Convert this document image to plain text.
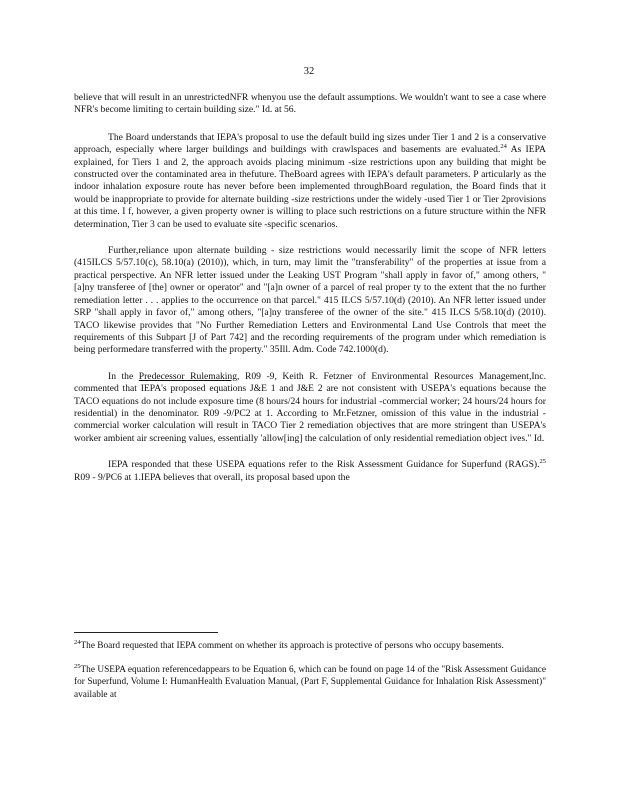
32

believe that will result in an unrestrictedNFR whenyou use the default assumptions. We wouldn't want to see a case where NFR's become limiting to certain building size." Id. at 56.

The Board understands that IEPA's proposal to use the default build ing sizes under Tier 1 and 2 is a conservative approach, especially where larger buildings and buildings with crawlspaces and basements are evaluated.$^{24}$ As IEPA explained, for Tiers 1 and 2, the approach avoids placing minimum -size restrictions upon any building that might be constructed over the contaminated area in thefuture. TheBoard agrees with IEPA's default parameters. P articularly as the indoor inhalation exposure route has never before been implemented throughBoard regulation, the Board finds that it would be inappropriate to provide for alternate building -size restrictions under the widely -used Tier 1 or Tier 2provisions at this time. I f, however, a given property owner is willing to place such restrictions on a future structure within the NFR determination, Tier 3 can be used to evaluate site -specific scenarios.

Further,reliance upon alternate building - size restrictions would necessarily limit the scope of NFR letters (415ILCS 5/57.10(c), 58.10(a) (2010)), which, in turn, may limit the "transferability" of the properties at issue from a practical perspective. An NFR letter issued under the Leaking UST Program "shall apply in favor of," among others, "[a]ny transferee of [the] owner or operator" and "[a]n owner of a parcel of real proper ty to the extent that the no further remediation letter . . . applies to the occurrence on that parcel." 415 ILCS 5/57.10(d) (2010). An NFR letter issued under SRP "shall apply in favor of," among others, "[a]ny transferee of the owner of the site." 415 ILCS 5/58.10(d) (2010). TACO likewise provides that "No Further Remediation Letters and Environmental Land Use Controls that meet the requirements of this Subpart [J of Part 742] and the recording requirements of the program under which remediation is being performedare transferred with the property." 35Ill. Adm. Code 742.1000(d).

In the Predecessor Rulemaking, R09 -9, Keith R. Fetzner of Environmental Resources Management,Inc. commented that IEPA's proposed equations J&E 1 and J&E 2 are not consistent with USEPA's equations because the TACO equations do not include exposure time (8 hours/24 hours for industrial -commercial worker; 24 hours/24 hours for residential) in the denominator. R09 -9/PC2 at 1. According to Mr.Fetzner, omission of this value in the industrial -commercial worker calculation will result in TACO Tier 2 remediation objectives that are more stringent than USEPA's worker ambient air screening values, essentially 'allow[ing] the calculation of only residential remediation object ives." Id.

IEPA responded that these USEPA equations refer to the Risk Assessment Guidance for Superfund (RAGS).$^{25}$ R09 - 9/PC6 at 1.IEPA believes that overall, its proposal based upon the

$^{24}$The Board requested that IEPA comment on whether its approach is protective of persons who occupy basements.

$^{25}$The USEPA equation referencedappears to be Equation 6, which can be found on page 14 of the "Risk Assessment Guidance for Superfund, Volume I: HumanHealth Evaluation Manual, (Part F, Supplemental Guidance for Inhalation Risk Assessment)" available at
